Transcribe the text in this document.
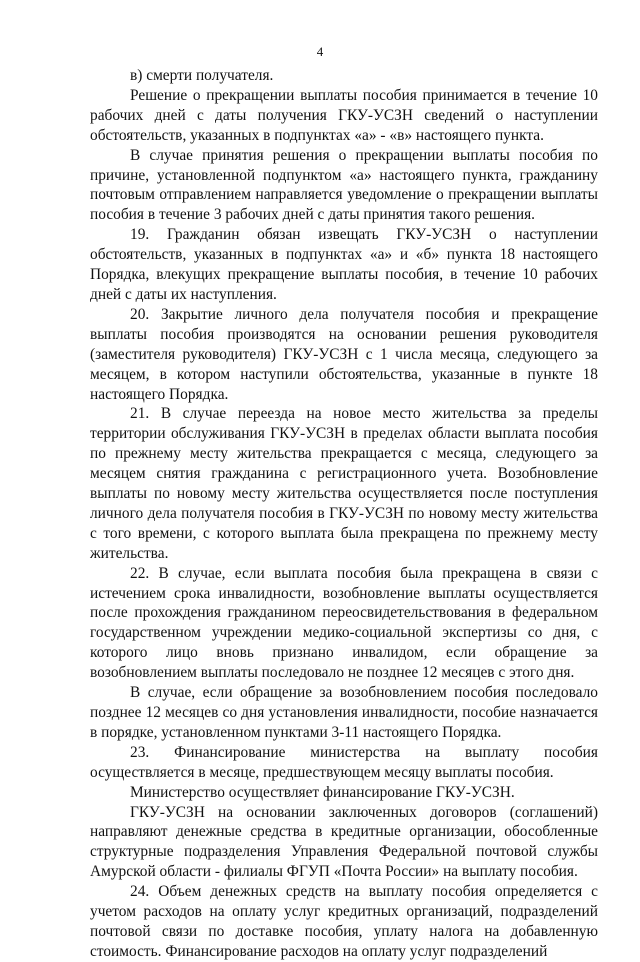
4

в) смерти получателя.

Решение о прекращении выплаты пособия принимается в течение 10 рабочих дней с даты получения ГКУ-УСЗН сведений о наступлении обстоятельств, указанных в подпунктах «а» - «в» настоящего пункта.

В случае принятия решения о прекращении выплаты пособия по причине, установленной подпунктом «а» настоящего пункта, гражданину почтовым отправлением направляется уведомление о прекращении выплаты пособия в течение 3 рабочих дней с даты принятия такого решения.

19. Гражданин обязан извещать ГКУ-УСЗН о наступлении обстоятельств, указанных в подпунктах «а» и «б» пункта 18 настоящего Порядка, влекущих прекращение выплаты пособия, в течение 10 рабочих дней с даты их наступления.

20. Закрытие личного дела получателя пособия и прекращение выплаты пособия производятся на основании решения руководителя (заместителя руководителя) ГКУ-УСЗН с 1 числа месяца, следующего за месяцем, в котором наступили обстоятельства, указанные в пункте 18 настоящего Порядка.

21. В случае переезда на новое место жительства за пределы территории обслуживания ГКУ-УСЗН в пределах области выплата пособия по прежнему месту жительства прекращается с месяца, следующего за месяцем снятия гражданина с регистрационного учета. Возобновление выплаты по новому месту жительства осуществляется после поступления личного дела получателя пособия в ГКУ-УСЗН по новому месту жительства с того времени, с которого выплата была прекращена по прежнему месту жительства.

22. В случае, если выплата пособия была прекращена в связи с истечением срока инвалидности, возобновление выплаты осуществляется после прохождения гражданином переосвидетельствования в федеральном государственном учреждении медико-социальной экспертизы со дня, с которого лицо вновь признано инвалидом, если обращение за возобновлением выплаты последовало не позднее 12 месяцев с этого дня.

В случае, если обращение за возобновлением пособия последовало позднее 12 месяцев со дня установления инвалидности, пособие назначается в порядке, установленном пунктами 3-11 настоящего Порядка.

23. Финансирование министерства на выплату пособия осуществляется в месяце, предшествующем месяцу выплаты пособия.

Министерство осуществляет финансирование ГКУ-УСЗН.

ГКУ-УСЗН на основании заключенных договоров (соглашений) направляют денежные средства в кредитные организации, обособленные структурные подразделения Управления Федеральной почтовой службы Амурской области - филиалы ФГУП «Почта России» на выплату пособия.

24. Объем денежных средств на выплату пособия определяется с учетом расходов на оплату услуг кредитных организаций, подразделений почтовой связи по доставке пособия, уплату налога на добавленную стоимость. Финансирование расходов на оплату услуг подразделений
